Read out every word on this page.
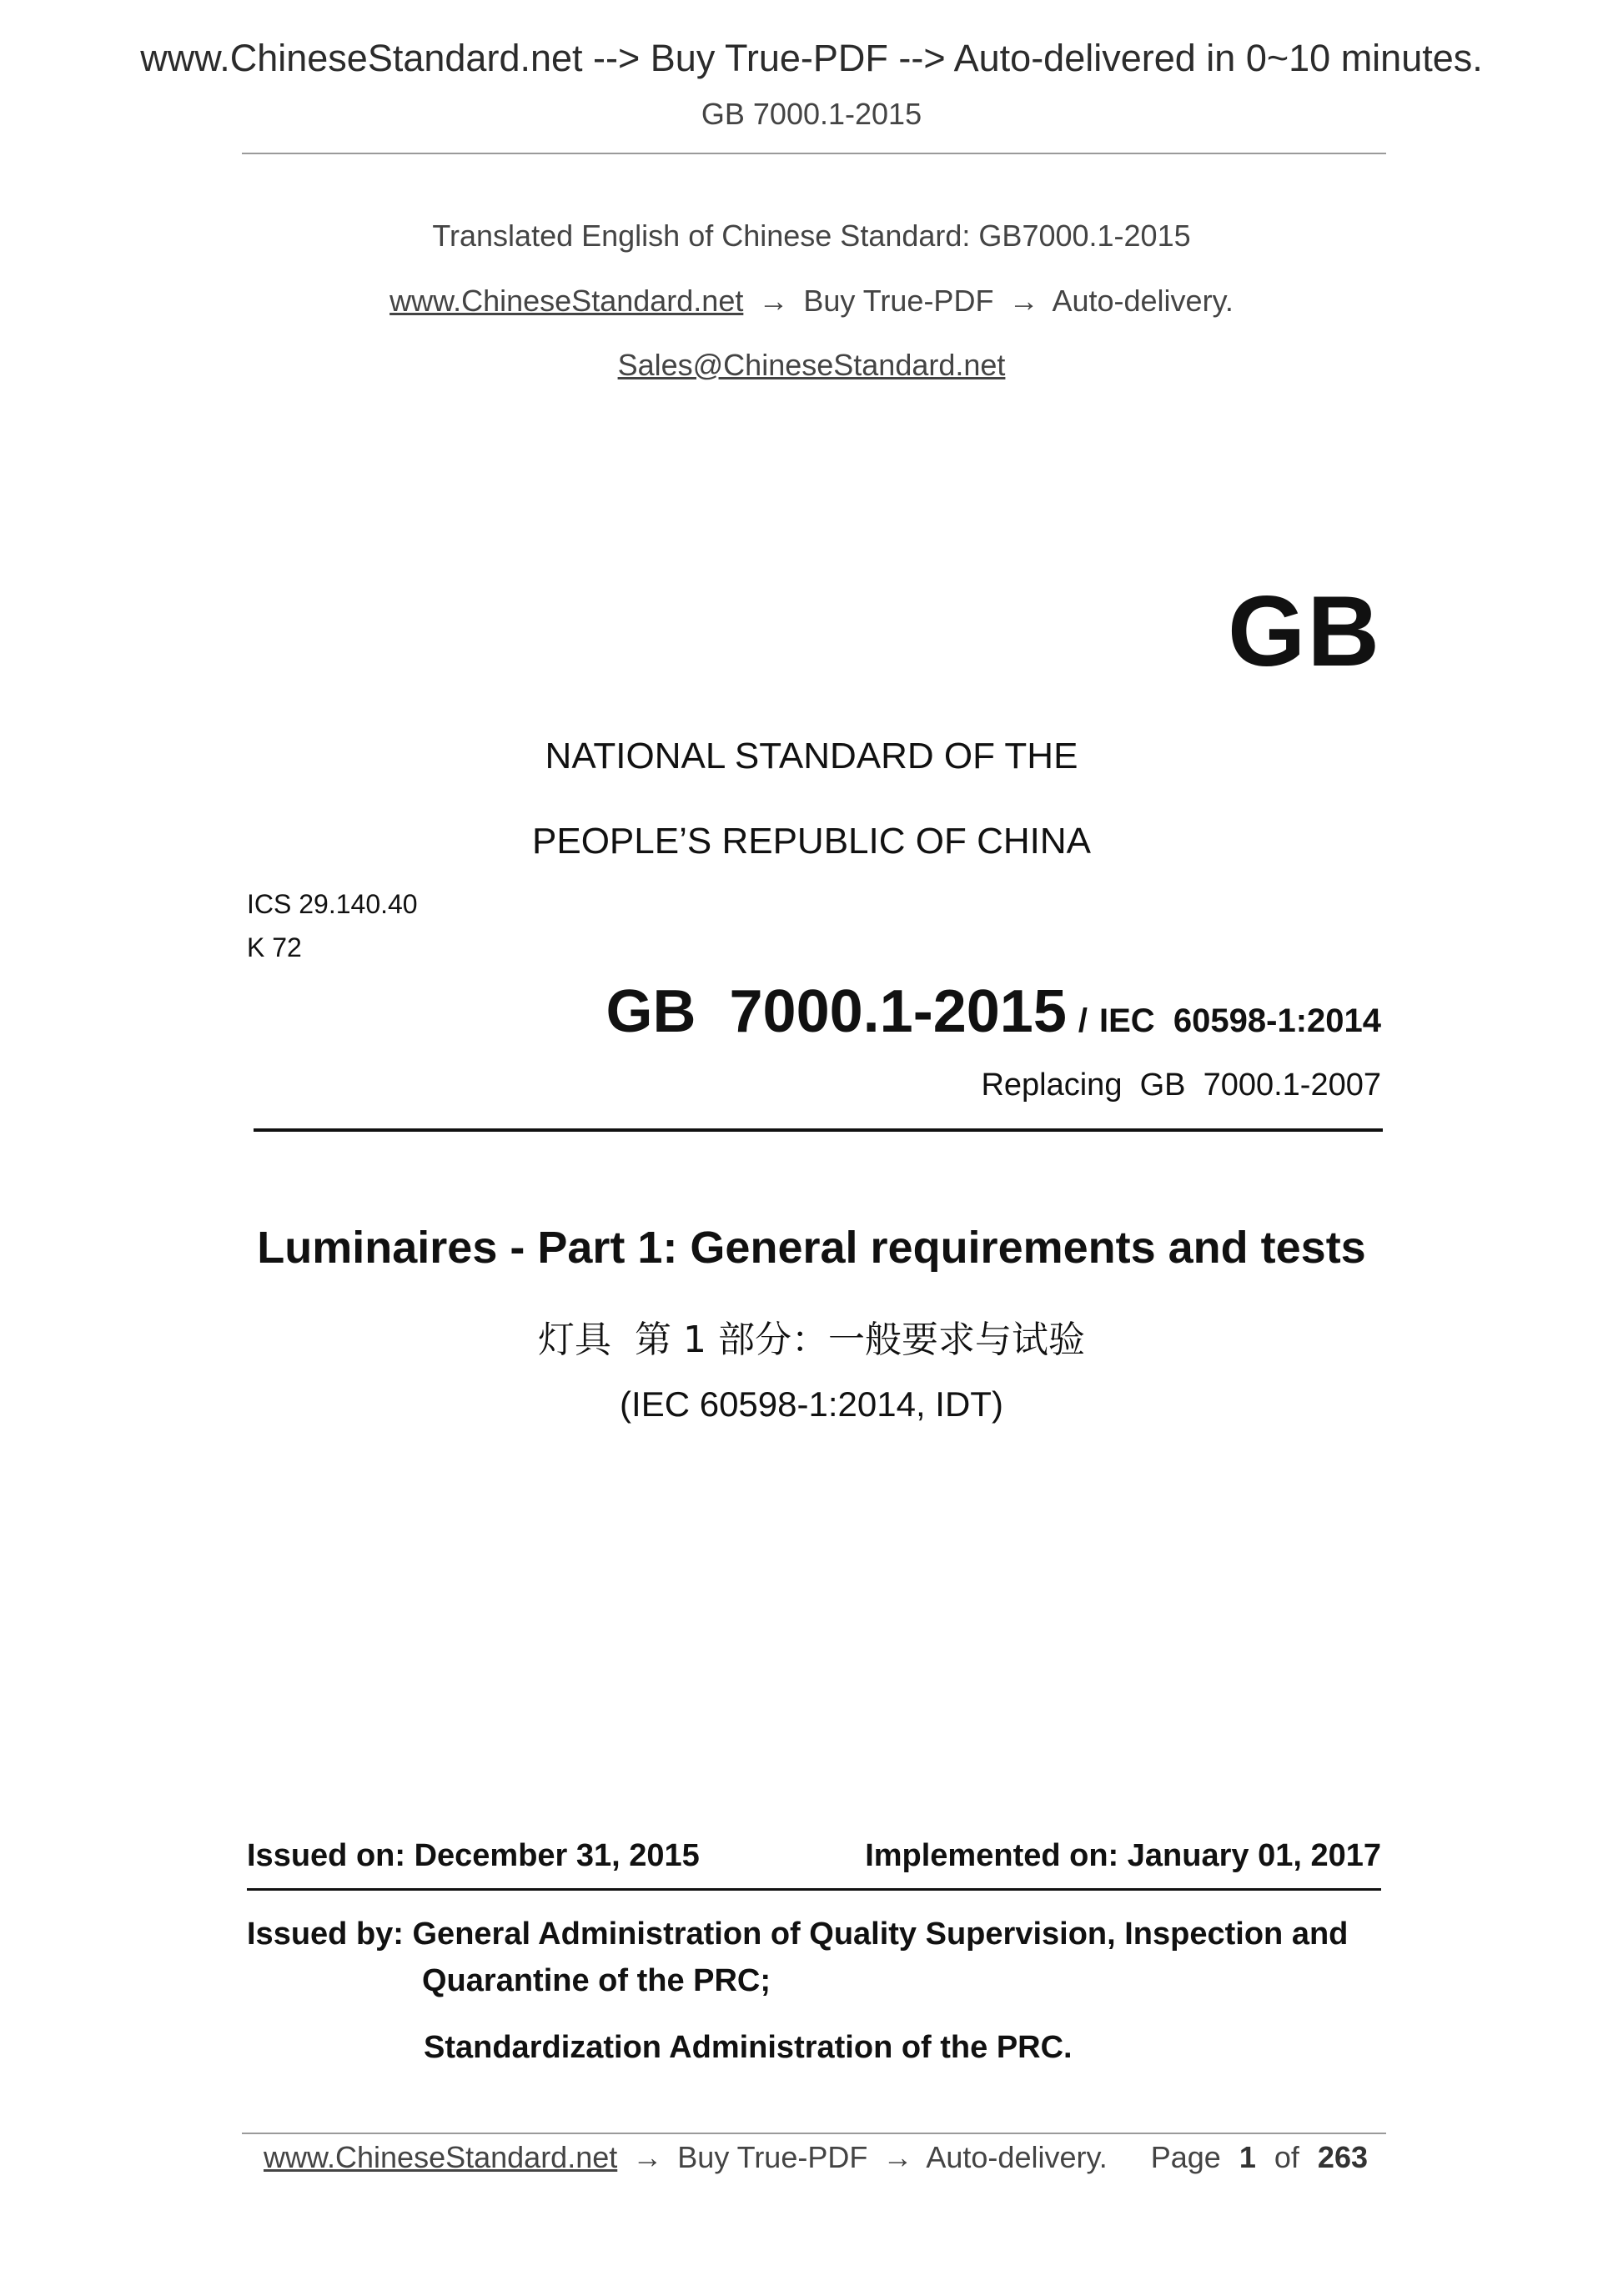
www.ChineseStandard.net --> Buy True-PDF --> Auto-delivered in 0~10 minutes.
GB 7000.1-2015
Translated English of Chinese Standard: GB7000.1-2015
www.ChineseStandard.net → Buy True-PDF → Auto-delivery.
Sales@ChineseStandard.net
GB
NATIONAL STANDARD OF THE
PEOPLE’S REPUBLIC OF CHINA
ICS 29.140.40
K 72
GB  7000.1-2015 / IEC  60598-1:2014
Replacing  GB  7000.1-2007
Luminaires - Part 1: General requirements and tests
灯具  第 1 部分：一般要求与试验
(IEC 60598-1:2014, IDT)
Issued on: December 31, 2015	Implemented on: January 01, 2017
Issued by: General Administration of Quality Supervision, Inspection and
Quarantine of the PRC;
Standardization Administration of the PRC.
www.ChineseStandard.net → Buy True-PDF → Auto-delivery. Page 1 of 263
